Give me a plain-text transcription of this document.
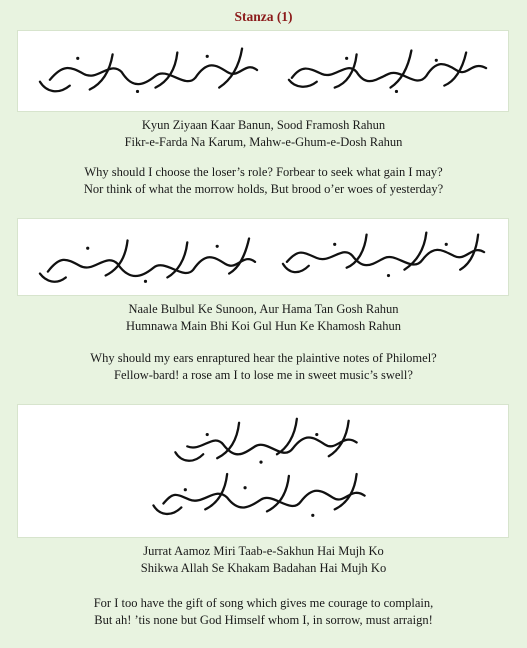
Stanza (1)
Kyun Ziyaan Kaar Banun, Sood Framosh Rahun
Fikr-e-Farda Na Karum, Mahw-e-Ghum-e-Dosh Rahun
Why should I choose the loser’s role? Forbear to seek what gain I may?
Nor think of what the morrow holds, But brood o’er woes of yesterday?
Naale Bulbul Ke Sunoon, Aur Hama Tan Gosh Rahun
Humnawa Main Bhi Koi Gul Hun Ke Khamosh Rahun
Why should my ears enraptured hear the plaintive notes of Philomel?
Fellow-bard! a rose am I to lose me in sweet music’s swell?
Jurrat Aamoz Miri Taab-e-Sakhun Hai Mujh Ko
Shikwa Allah Se Khakam Badahan Hai Mujh Ko
For I too have the gift of song which gives me courage to complain,
But ah! ’tis none but God Himself whom I, in sorrow, must arraign!
